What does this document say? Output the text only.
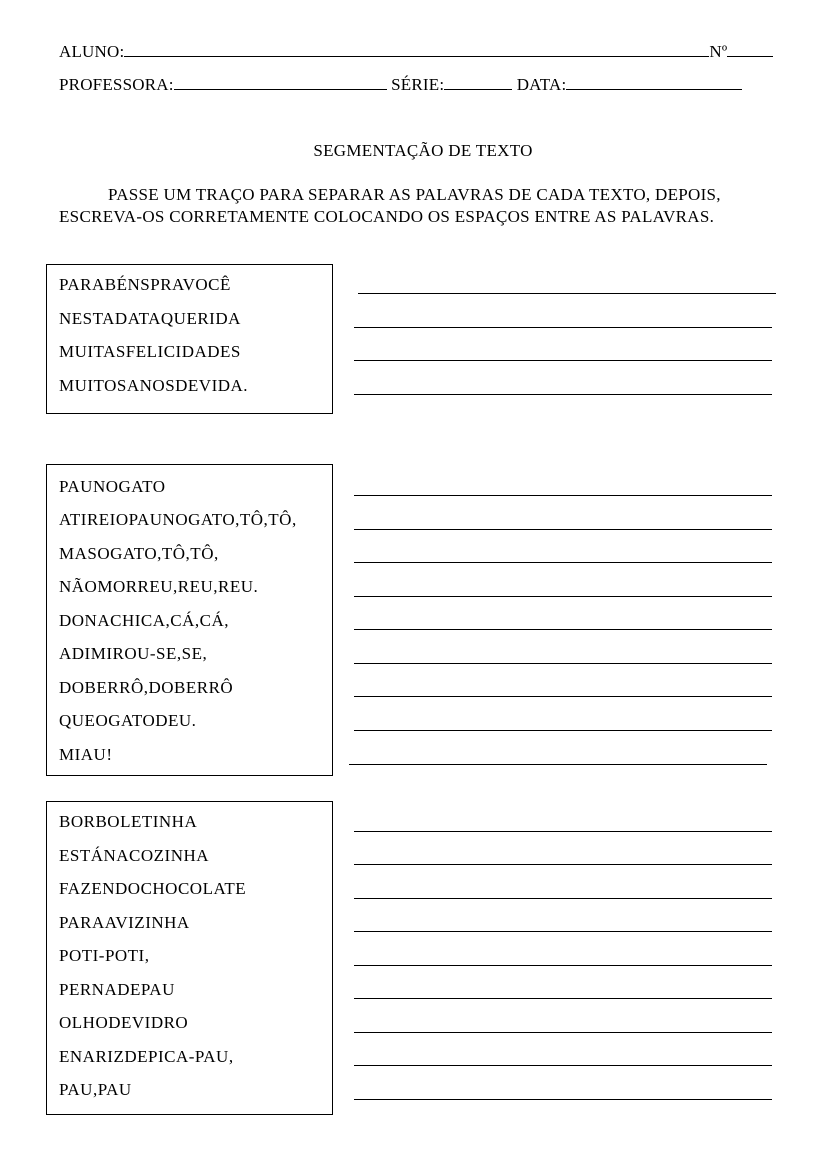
ALUNO:	Nº
PROFESSORA:	SÉRIE:	DATA:
SEGMENTAÇÃO DE TEXTO
PASSE UM TRAÇO PARA SEPARAR AS PALAVRAS DE CADA TEXTO, DEPOIS, ESCREVA-OS CORRETAMENTE COLOCANDO OS ESPAÇOS ENTRE AS PALAVRAS.
PARABÉNSPRAVOCÊ
NESTADATAQUERIDA
MUITASFELICIDADES
MUITOSANOSDEVIDA.
PAUNOGATO
ATIREIOPAUNOGATO,TÔ,TÔ,
MASOGATO,TÔ,TÔ,
NÃOMORREU,REU,REU.
DONACHICA,CÁ,CÁ,
ADIMIROU-SE,SE,
DOBERRÔ,DOBERRÔ
QUEOGATODEU.
MIAU!
BORBOLETINHA
ESTÁNACOZINHA
FAZENDOCHOCOLATE
PARAAVIZINHA
POTI-POTI,
PERNADEPAU
OLHODEVIDRO
ENARIZDEPICA-PAU,
PAU,PAU
